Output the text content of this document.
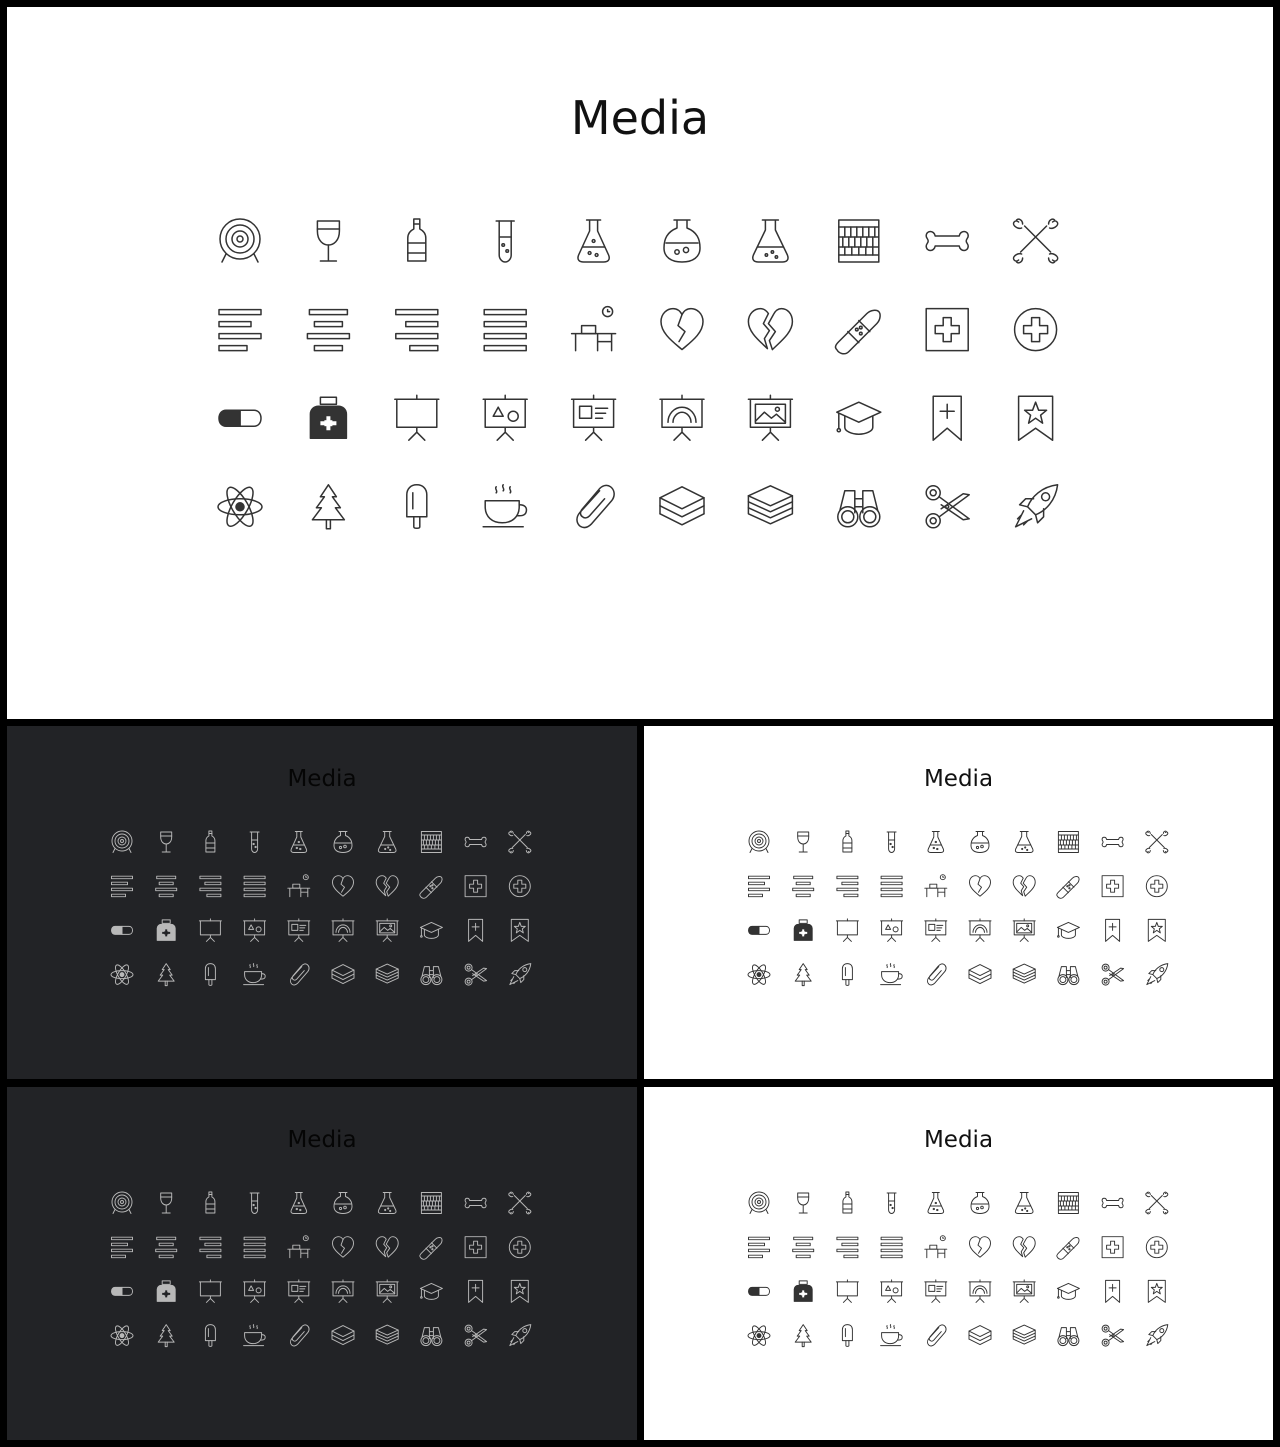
Media
Media	Media
Media	Media
